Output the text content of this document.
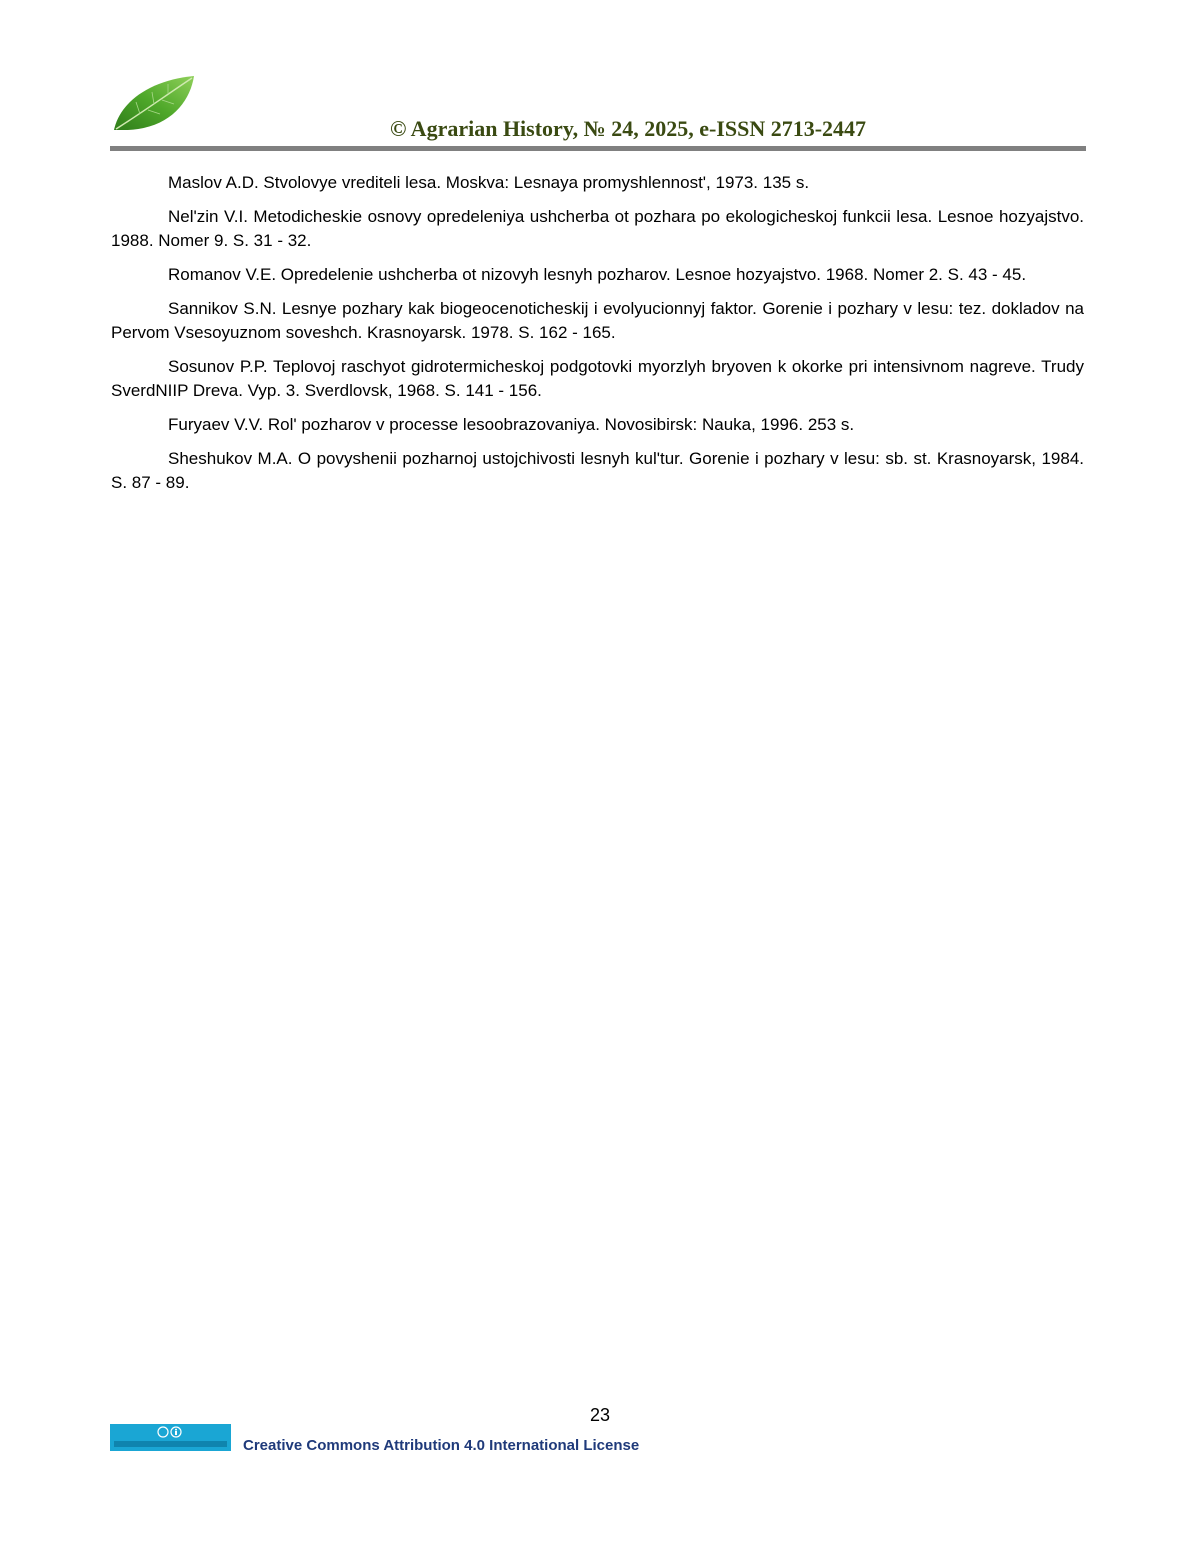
© Agrarian History, № 24, 2025, e-ISSN 2713-2447

Maslov A.D. Stvolovye vrediteli lesa. Moskva: Lesnaya promyshlennost', 1973. 135 s.

Nel'zin V.I. Metodicheskie osnovy opredeleniya ushcherba ot pozhara po ekologicheskoj funkcii lesa. Lesnoe hozyajstvo. 1988. Nomer 9. S. 31 - 32.

Romanov V.E. Opredelenie ushcherba ot nizovyh lesnyh pozharov. Lesnoe hozyajstvo. 1968. Nomer 2. S. 43 - 45.

Sannikov S.N. Lesnye pozhary kak biogeocenoticheskij i evolyucionnyj faktor. Gorenie i pozhary v lesu: tez. dokladov na Pervom Vsesoyuznom soveshch. Krasnoyarsk. 1978. S. 162 - 165.

Sosunov P.P. Teplovoj raschyot gidrotermicheskoj podgotovki myorzlyh bryoven k okorke pri intensivnom nagreve. Trudy SverdNIIP Dreva. Vyp. 3. Sverdlovsk, 1968. S. 141 - 156.

Furyaev V.V. Rol' pozharov v processe lesoobrazovaniya. Novosibirsk: Nauka, 1996. 253 s.

Sheshukov M.A. O povyshenii pozharnoj ustojchivosti lesnyh kul'tur. Gorenie i pozhary v lesu: sb. st. Krasnoyarsk, 1984. S. 87 - 89.

23
Creative Commons Attribution 4.0 International License
